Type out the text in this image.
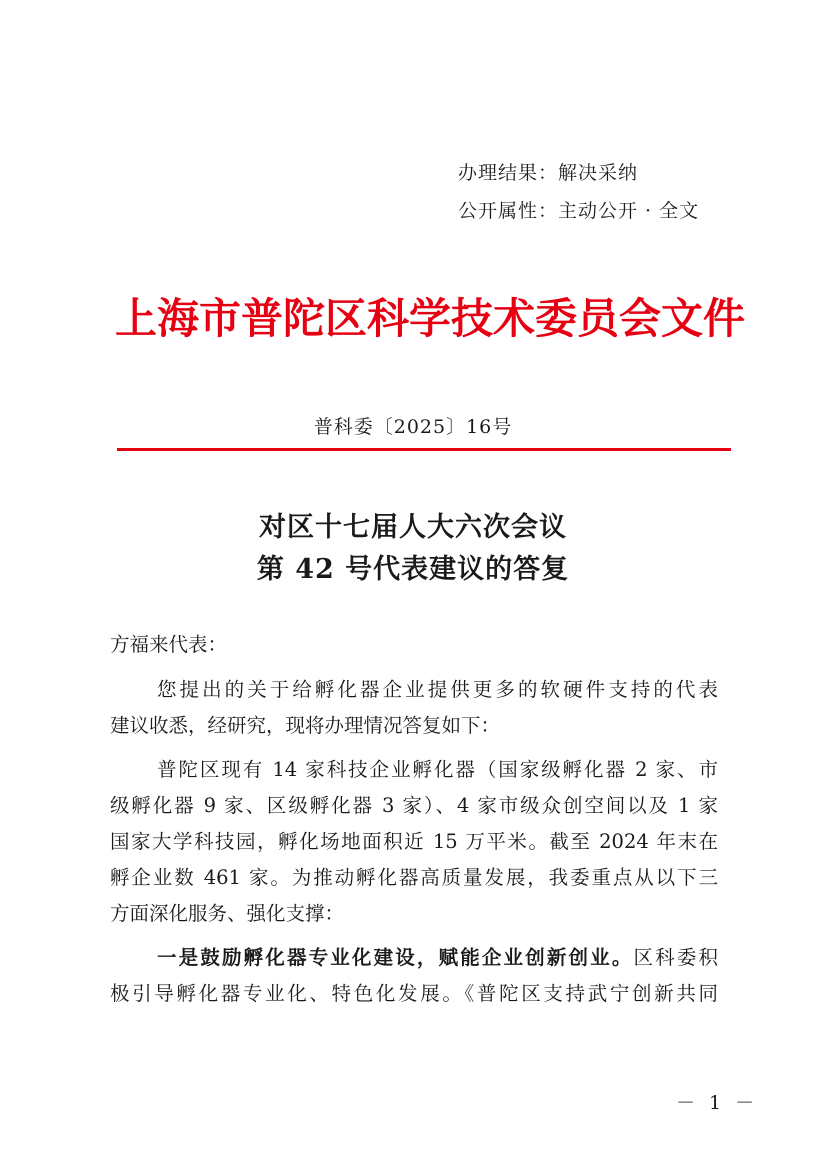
办理结果：解决采纳
公开属性：主动公开 · 全文
上海市普陀区科学技术委员会文件
普科委〔2025〕16号
对区十七届人大六次会议
第 42 号代表建议的答复
方福来代表：
您提出的关于给孵化器企业提供更多的软硬件支持的代表
建议收悉，经研究，现将办理情况答复如下：
普陀区现有 14 家科技企业孵化器（国家级孵化器 2 家、市
级孵化器 9 家、区级孵化器 3 家）、4 家市级众创空间以及 1 家
国家大学科技园，孵化场地面积近 15 万平米。截至 2024 年末在
孵企业数 461 家。为推动孵化器高质量发展，我委重点从以下三
方面深化服务、强化支撑：
一是鼓励孵化器专业化建设，赋能企业创新创业。区科委积
极引导孵化器专业化、特色化发展。《普陀区支持武宁创新共同
－ 1 －
